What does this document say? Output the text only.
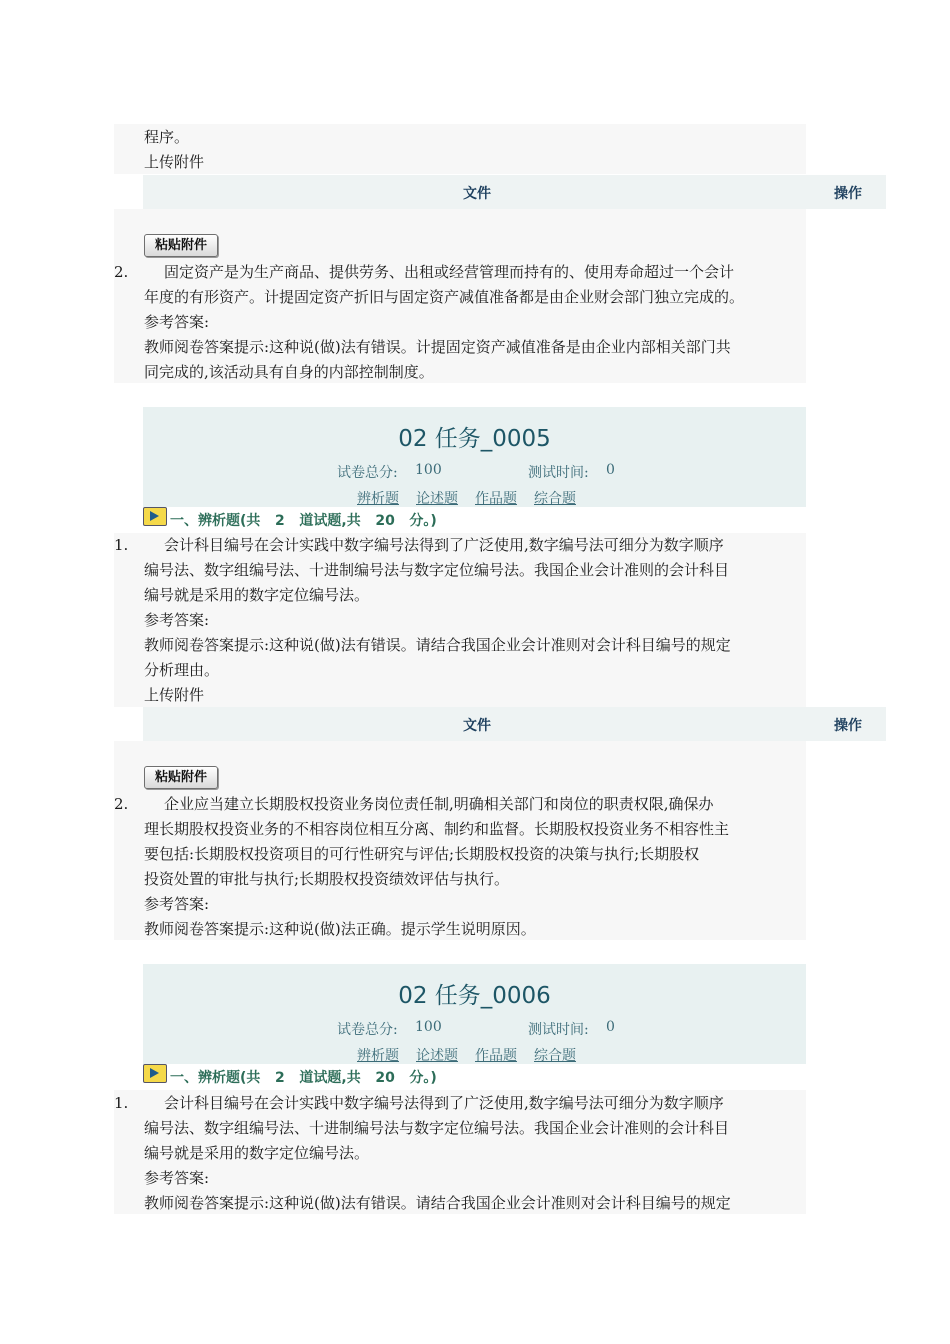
程序。
上传附件
文件	操作
粘贴附件
2.	固定资产是为生产商品、提供劳务、出租或经营管理而持有的、使用寿命超过一个会计
年度的有形资产。计提固定资产折旧与固定资产减值准备都是由企业财会部门独立完成的。
参考答案:
教师阅卷答案提示:这种说(做)法有错误。计提固定资产减值准备是由企业内部相关部门共
同完成的,该活动具有自身的内部控制制度。
02 任务_0005
试卷总分: 100	测试时间: 0
辨析题 论述题 作品题 综合题
一、辨析题(共   2   道试题,共   20   分。)
1.	会计科目编号在会计实践中数字编号法得到了广泛使用,数字编号法可细分为数字顺序
编号法、数字组编号法、十进制编号法与数字定位编号法。我国企业会计准则的会计科目
编号就是采用的数字定位编号法。
参考答案:
教师阅卷答案提示:这种说(做)法有错误。请结合我国企业会计准则对会计科目编号的规定
分析理由。
上传附件
文件	操作
粘贴附件
2.	企业应当建立长期股权投资业务岗位责任制,明确相关部门和岗位的职责权限,确保办
理长期股权投资业务的不相容岗位相互分离、制约和监督。长期股权投资业务不相容性主
要包括:长期股权投资项目的可行性研究与评估;长期股权投资的决策与执行;长期股权
投资处置的审批与执行;长期股权投资绩效评估与执行。
参考答案:
教师阅卷答案提示:这种说(做)法正确。提示学生说明原因。
02 任务_0006
试卷总分: 100	测试时间: 0
辨析题 论述题 作品题 综合题
一、辨析题(共   2   道试题,共   20   分。)
1.	会计科目编号在会计实践中数字编号法得到了广泛使用,数字编号法可细分为数字顺序
编号法、数字组编号法、十进制编号法与数字定位编号法。我国企业会计准则的会计科目
编号就是采用的数字定位编号法。
参考答案:
教师阅卷答案提示:这种说(做)法有错误。请结合我国企业会计准则对会计科目编号的规定
